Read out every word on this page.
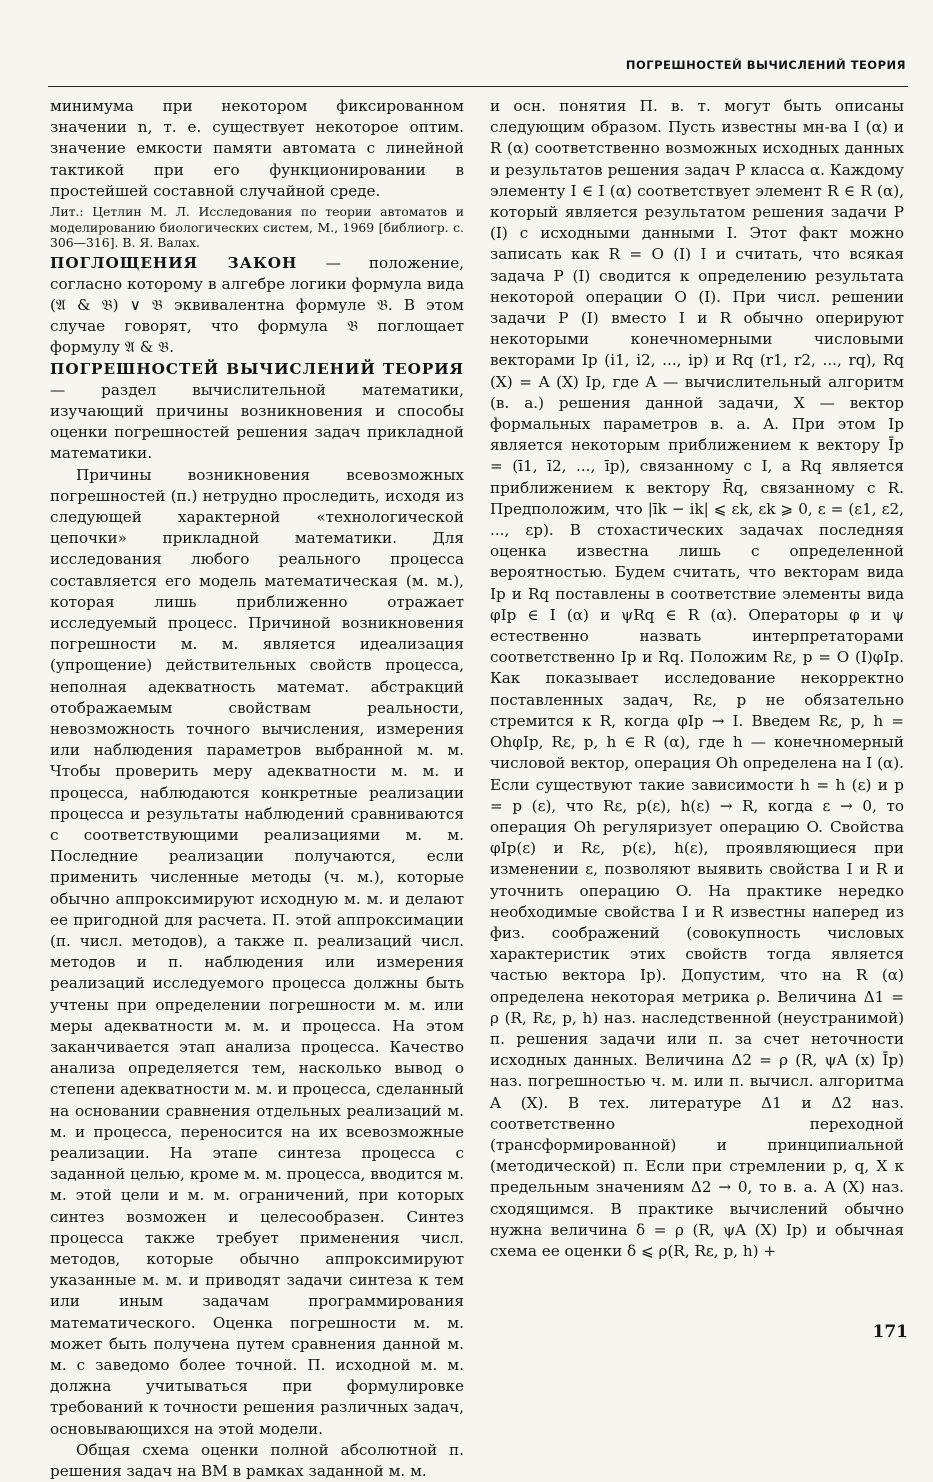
ПОГРЕШНОСТЕЙ ВЫЧИСЛЕНИЙ ТЕОРИЯ

минимума при некотором фиксированном значении n, т. е. существует некоторое оптим. значение емкости памяти автомата с линейной тактикой при его функционировании в простейшей составной случайной среде.

Лит.: Цетлин М. Л. Исследования по теории автоматов и моделированию биологических систем, М., 1969 [библиогр. с. 306—316]. В. Я. Валах.

ПОГЛОЩЕНИЯ ЗАКОН — положение, согласно которому в алгебре логики формула вида (𝔄 & 𝔅) ∨ 𝔅 эквивалентна формуле 𝔅. В этом случае говорят, что формула 𝔅 поглощает формулу 𝔄 & 𝔅.

ПОГРЕШНОСТЕЙ ВЫЧИСЛЕНИЙ ТЕОРИЯ — раздел вычислительной математики, изучающий причины возникновения и способы оценки погрешностей решения задач прикладной математики.

Причины возникновения всевозможных погрешностей (п.) нетрудно проследить, исходя из следующей характерной «технологической цепочки» прикладной математики. Для исследования любого реального процесса составляется его модель математическая (м. м.), которая лишь приближенно отражает исследуемый процесс. Причиной возникновения погрешности м. м. является идеализация (упрощение) действительных свойств процесса, неполная адекватность математ. абстракций отображаемым свойствам реальности, невозможность точного вычисления, измерения или наблюдения параметров выбранной м. м. Чтобы проверить меру адекватности м. м. и процесса, наблюдаются конкретные реализации процесса и результаты наблюдений сравниваются с соответствующими реализациями м. м. Последние реализации получаются, если применить численные методы (ч. м.), которые обычно аппроксимируют исходную м. м. и делают ее пригодной для расчета. П. этой аппроксимации (п. числ. методов), а также п. реализаций числ. методов и п. наблюдения или измерения реализаций исследуемого процесса должны быть учтены при определении погрешности м. м. или меры адекватности м. м. и процесса. На этом заканчивается этап анализа процесса. Качество анализа определяется тем, насколько вывод о степени адекватности м. м. и процесса, сделанный на основании сравнения отдельных реализаций м. м. и процесса, переносится на их всевозможные реализации. На этапе синтеза процесса с заданной целью, кроме м. м. процесса, вводится м. м. этой цели и м. м. ограничений, при которых синтез возможен и целесообразен. Синтез процесса также требует применения числ. методов, которые обычно аппроксимируют указанные м. м. и приводят задачи синтеза к тем или иным задачам программирования математического. Оценка погрешности м. м. может быть получена путем сравнения данной м. м. с заведомо более точной. П. исходной м. м. должна учитываться при формулировке требований к точности решения различных задач, основывающихся на этой модели.

Общая схема оценки полной абсолютной п. решения задач на ВМ в рамках заданной м. м.

и осн. понятия П. в. т. могут быть описаны следующим образом. Пусть известны мн-ва I (α) и R (α) соответственно возможных исходных данных и результатов решения задач P класса α. Каждому элементу I ∈ I (α) соответствует элемент R ∈ R (α), который является результатом решения задачи P (I) с исходными данными I. Этот факт можно записать как R = O (I) I и считать, что всякая задача P (I) сводится к определению результата некоторой операции O (I). При числ. решении задачи P (I) вместо I и R обычно оперируют некоторыми конечномерными числовыми векторами Ip (i1, i2, ..., ip) и Rq (r1, r2, ..., rq), Rq (X) = A (X) Ip, где A — вычислительный алгоритм (в. а.) решения данной задачи, X — вектор формальных параметров в. а. A. При этом Ip является некоторым приближением к вектору Īp = (ī1, ī2, ..., īp), связанному с I, а Rq является приближением к вектору R̄q, связанному с R. Предположим, что |īk − ik| ⩽ εk, εk ⩾ 0, ε = (ε1, ε2, ..., εp). В стохастических задачах последняя оценка известна лишь с определенной вероятностью. Будем считать, что векторам вида Ip и Rq поставлены в соответствие элементы вида φIp ∈ I (α) и ψRq ∈ R (α). Операторы φ и ψ естественно назвать интерпретаторами соответственно Ip и Rq. Положим Rε, p = O (I)φIp. Как показывает исследование некорректно поставленных задач, Rε, p не обязательно стремится к R, когда φIp → I. Введем Rε, p, h = OhφIp, Rε, p, h ∈ R (α), где h — конечномерный числовой вектор, операция Oh определена на I (α). Если существуют такие зависимости h = h (ε) и p = p (ε), что Rε, p(ε), h(ε) → R, когда ε → 0, то операция Oh регуляризует операцию O. Свойства φIp(ε) и Rε, p(ε), h(ε), проявляющиеся при изменении ε, позволяют выявить свойства I и R и уточнить операцию O. На практике нередко необходимые свойства I и R известны наперед из физ. соображений (совокупность числовых характеристик этих свойств тогда является частью вектора Ip). Допустим, что на R (α) определена некоторая метрика ρ. Величина Δ1 = ρ (R, Rε, p, h) наз. наследственной (неустранимой) п. решения задачи или п. за счет неточности исходных данных. Величина Δ2 = ρ (R, ψA (x) Īp) наз. погрешностью ч. м. или п. вычисл. алгоритма A (X). В тех. литературе Δ1 и Δ2 наз. соответственно переходной (трансформированной) и принципиальной (методической) п. Если при стремлении p, q, X к предельным значениям Δ2 → 0, то в. а. A (X) наз. сходящимся. В практике вычислений обычно нужна величина δ = ρ (R, ψA (X) Ip) и обычная схема ее оценки δ ⩽ ρ(R, Rε, p, h) +

171
